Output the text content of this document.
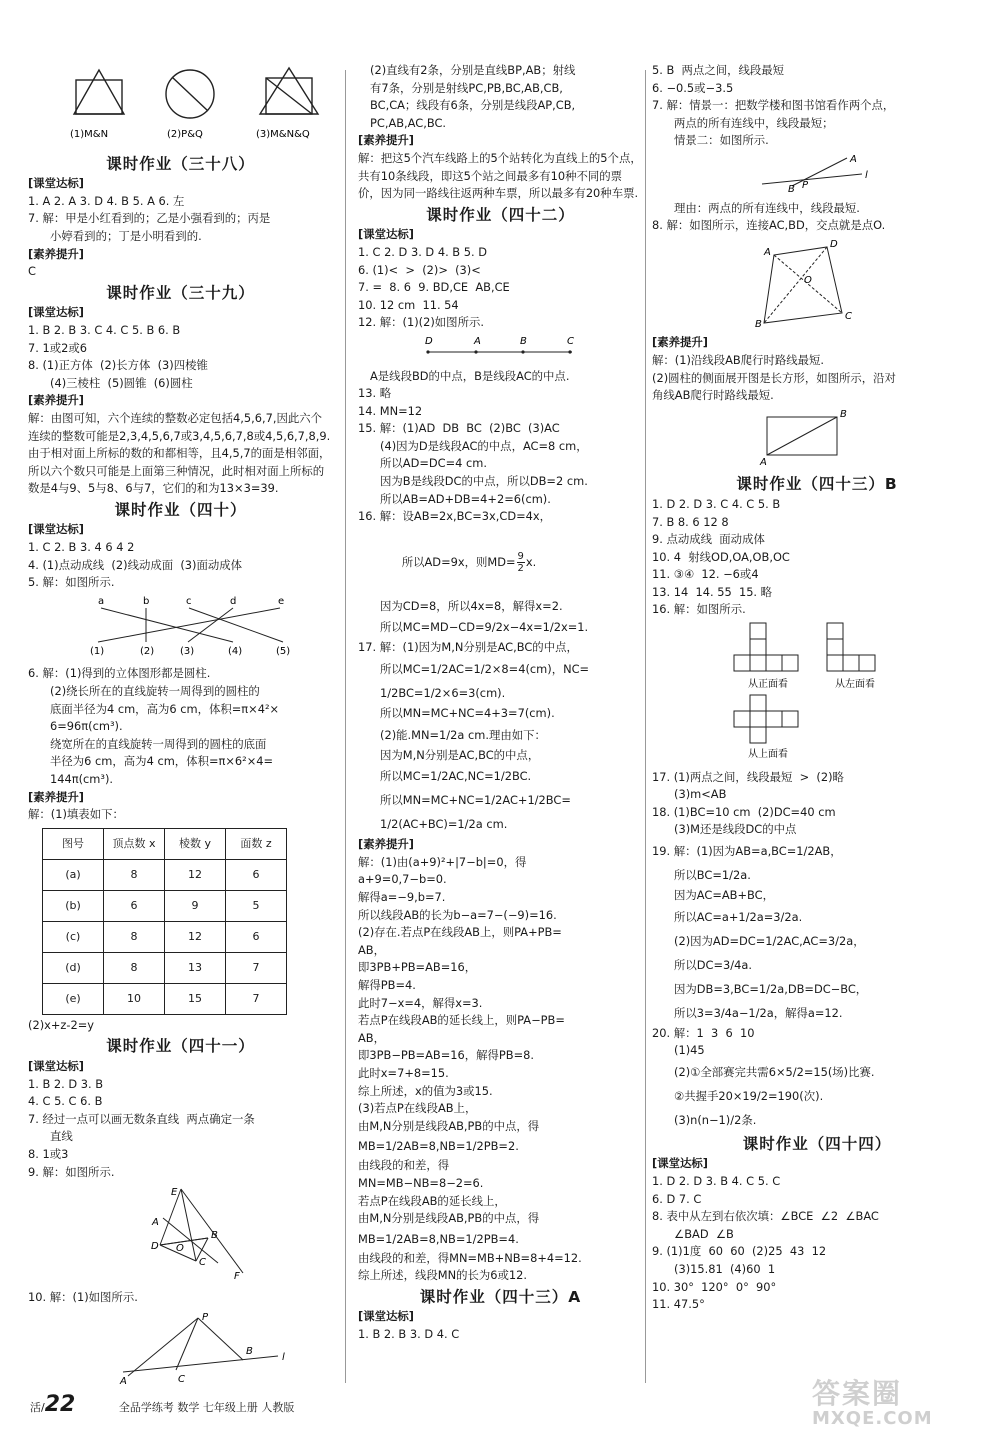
(1)M&N	(2)P&Q	(3)M&N&Q
课时作业（三十八）
[课堂达标]
1. A 2. A 3. D 4. B 5. A 6. 左
7. 解：甲是小红看到的；乙是小强看到的；丙是
小婷看到的；丁是小明看到的.
[素养提升]
C
课时作业（三十九）
[课堂达标]
1. B 2. B 3. C 4. C 5. B 6. B
7. 1或2或6
8. (1)正方体  (2)长方体  (3)四棱锥
(4)三棱柱  (5)圆锥  (6)圆柱
[素养提升]
解：由图可知，六个连续的整数必定包括4,5,6,7,因此六个连续的整数可能是2,3,4,5,6,7或3,4,5,6,7,8或4,5,6,7,8,9.由于相对面上所标的数的和都相等，且4,5,7的面是相邻面，所以六个数只可能是上面第三种情况，此时相对面上所标的数是4与9、5与8、6与7，它们的和为13×3=39.
课时作业（四十）
[课堂达标]
1. C 2. B 3. 4 6 4 2
4. (1)点动成线  (2)线动成面  (3)面动成体
5. 解：如图所示.
a	b	c	d	e
(1)	(2)	(3)	(4)	(5)
6. 解：(1)得到的立体图形都是圆柱.
(2)绕长所在的直线旋转一周得到的圆柱的
底面半径为4 cm，高为6 cm，体积=π×4²×
6=96π(cm³).
绕宽所在的直线旋转一周得到的圆柱的底面
半径为6 cm，高为4 cm，体积=π×6²×4=
144π(cm³).
[素养提升]
解：(1)填表如下：
图号	顶点数 x	棱数 y	面数 z
(a)	8	12	6
(b)	6	9	5
(c)	8	12	6
(d)	8	13	7
(e)	10	15	7
(2)x+z-2=y
课时作业（四十一）
[课堂达标]
1. B 2. D 3. B
4. C 5. C 6. B
7. 经过一点可以画无数条直线  两点确定一条
直线
8. 1或3
9. 解：如图所示.
E
A
D O
B
C
F
10. 解：(1)如图所示.
P
B
l
A	C
(2)直线有2条，分别是直线BP,AB；射线
有7条，分别是射线PC,PB,BC,AB,CB,
BC,CA；线段有6条，分别是线段AP,CB,
PC,AB,AC,BC.
[素养提升]
解：把这5个汽车线路上的5个站转化为直线上的5个点，共有10条线段，即这5个站之间最多有10种不同的票价，因为同一路线往返两种车票，所以最多有20种车票.
课时作业（四十二）
[课堂达标]
1. C 2. D 3. D 4. B 5. D
6. (1)<  >  (2)>  (3)<
7. =  8. 6  9. BD,CE  AB,CE
10. 12 cm  11. 54
12. 解：(1)(2)如图所示.
D	A	B	C
A是线段BD的中点，B是线段AC的中点.
13. 略
14. MN=12
15. 解：(1)AD  DB  BC  (2)BC  (3)AC
(4)因为D是线段AC的中点，AC=8 cm，
所以AD=DC=4 cm.
因为B是线段DC的中点，所以DB=2 cm.
所以AB=AD+DB=4+2=6(cm).
16. 解：设AB=2x,BC=3x,CD=4x，

所以AD=9x，则$MD= \frac{9}{2} x$.

因为CD=8，所以4x=8，解得x=2.
所以MC=MD−CD=9/2x−4x=1/2x=1.
17. 解：(1)因为M,N分别是AC,BC的中点，
所以MC=1/2AC=1/2×8=4(cm)，NC=
1/2BC=1/2×6=3(cm).
所以MN=MC+NC=4+3=7(cm).
(2)能.MN=1/2a cm.理由如下：
因为M,N分别是AC,BC的中点，
所以MC=1/2AC,NC=1/2BC.
所以MN=MC+NC=1/2AC+1/2BC=
1/2(AC+BC)=1/2a cm.
[素养提升]
解：(1)由(a+9)²+|7−b|=0，得
a+9=0,7−b=0.
解得a=−9,b=7.
所以线段AB的长为b−a=7−(−9)=16.
(2)存在.若点P在线段AB上，则PA+PB=
AB，
即3PB+PB=AB=16，
解得PB=4.
此时7−x=4，解得x=3.
若点P在线段AB的延长线上，则PA−PB=
AB，
即3PB−PB=AB=16，解得PB=8.
此时x=7+8=15.
综上所述，x的值为3或15.
(3)若点P在线段AB上，
由M,N分别是线段AB,PB的中点，得
MB=1/2AB=8,NB=1/2PB=2.
由线段的和差，得
MN=MB−NB=8−2=6.
若点P在线段AB的延长线上，
由M,N分别是线段AB,PB的中点，得
MB=1/2AB=8,NB=1/2PB=4.
由线段的和差，得MN=MB+NB=8+4=12.
综上所述，线段MN的长为6或12.
课时作业（四十三）A
[课堂达标]
1. B 2. B 3. D 4. C
5. B  两点之间，线段最短
6. −0.5或−3.5
7. 解：情景一：把数学楼和图书馆看作两个点，
两点的所有连线中，线段最短；
情景二：如图所示.
A
B P
l
理由：两点的所有连线中，线段最短.
8. 解：如图所示，连接AC,BD，交点就是点O.
A
D
O
C
B
[素养提升]
解：(1)沿线段AB爬行时路线最短.
(2)圆柱的侧面展开图是长方形，如图所示，沿对
角线AB爬行时路线最短.
B
A
课时作业（四十三）B
1. D 2. D 3. C 4. C 5. B
7. B 8. 6 12 8
9. 点动成线  面动成体
10. 4  射线OD,OA,OB,OC
11. ③④  12. −6或4
13. 14  14. 55  15. 略
16. 解：如图所示.
从正面看	从左面看
从上面看
17. (1)两点之间，线段最短  >  (2)略
(3)m<AB
18. (1)BC=10 cm  (2)DC=40 cm
(3)M还是线段DC的中点
19. 解：(1)因为AB=a,BC=1/2AB，
所以BC=1/2a.
因为AC=AB+BC，
所以AC=a+1/2a=3/2a.
(2)因为AD=DC=1/2AC,AC=3/2a，
所以DC=3/4a.
因为DB=3,BC=1/2a,DB=DC−BC，
所以3=3/4a−1/2a，解得a=12.
20. 解：1  3  6  10
(1)45
(2)①全部赛完共需6×5/2=15(场)比赛.
②共握手20×19/2=190(次).
(3)n(n−1)/2条.
课时作业（四十四）
[课堂达标]
1. D 2. D 3. B 4. C 5. C
6. D 7. C
8. 表中从左到右依次填：∠BCE  ∠2  ∠BAC
∠BAD  ∠B
9. (1)1度  60  60  (2)25  43  12
(3)15.81  (4)60  1
10. 30°  120°  0°  90°
11. 47.5°
活/22	全品学练考 数学 七年级上册 人教版	答案圈
MXQE.COM
